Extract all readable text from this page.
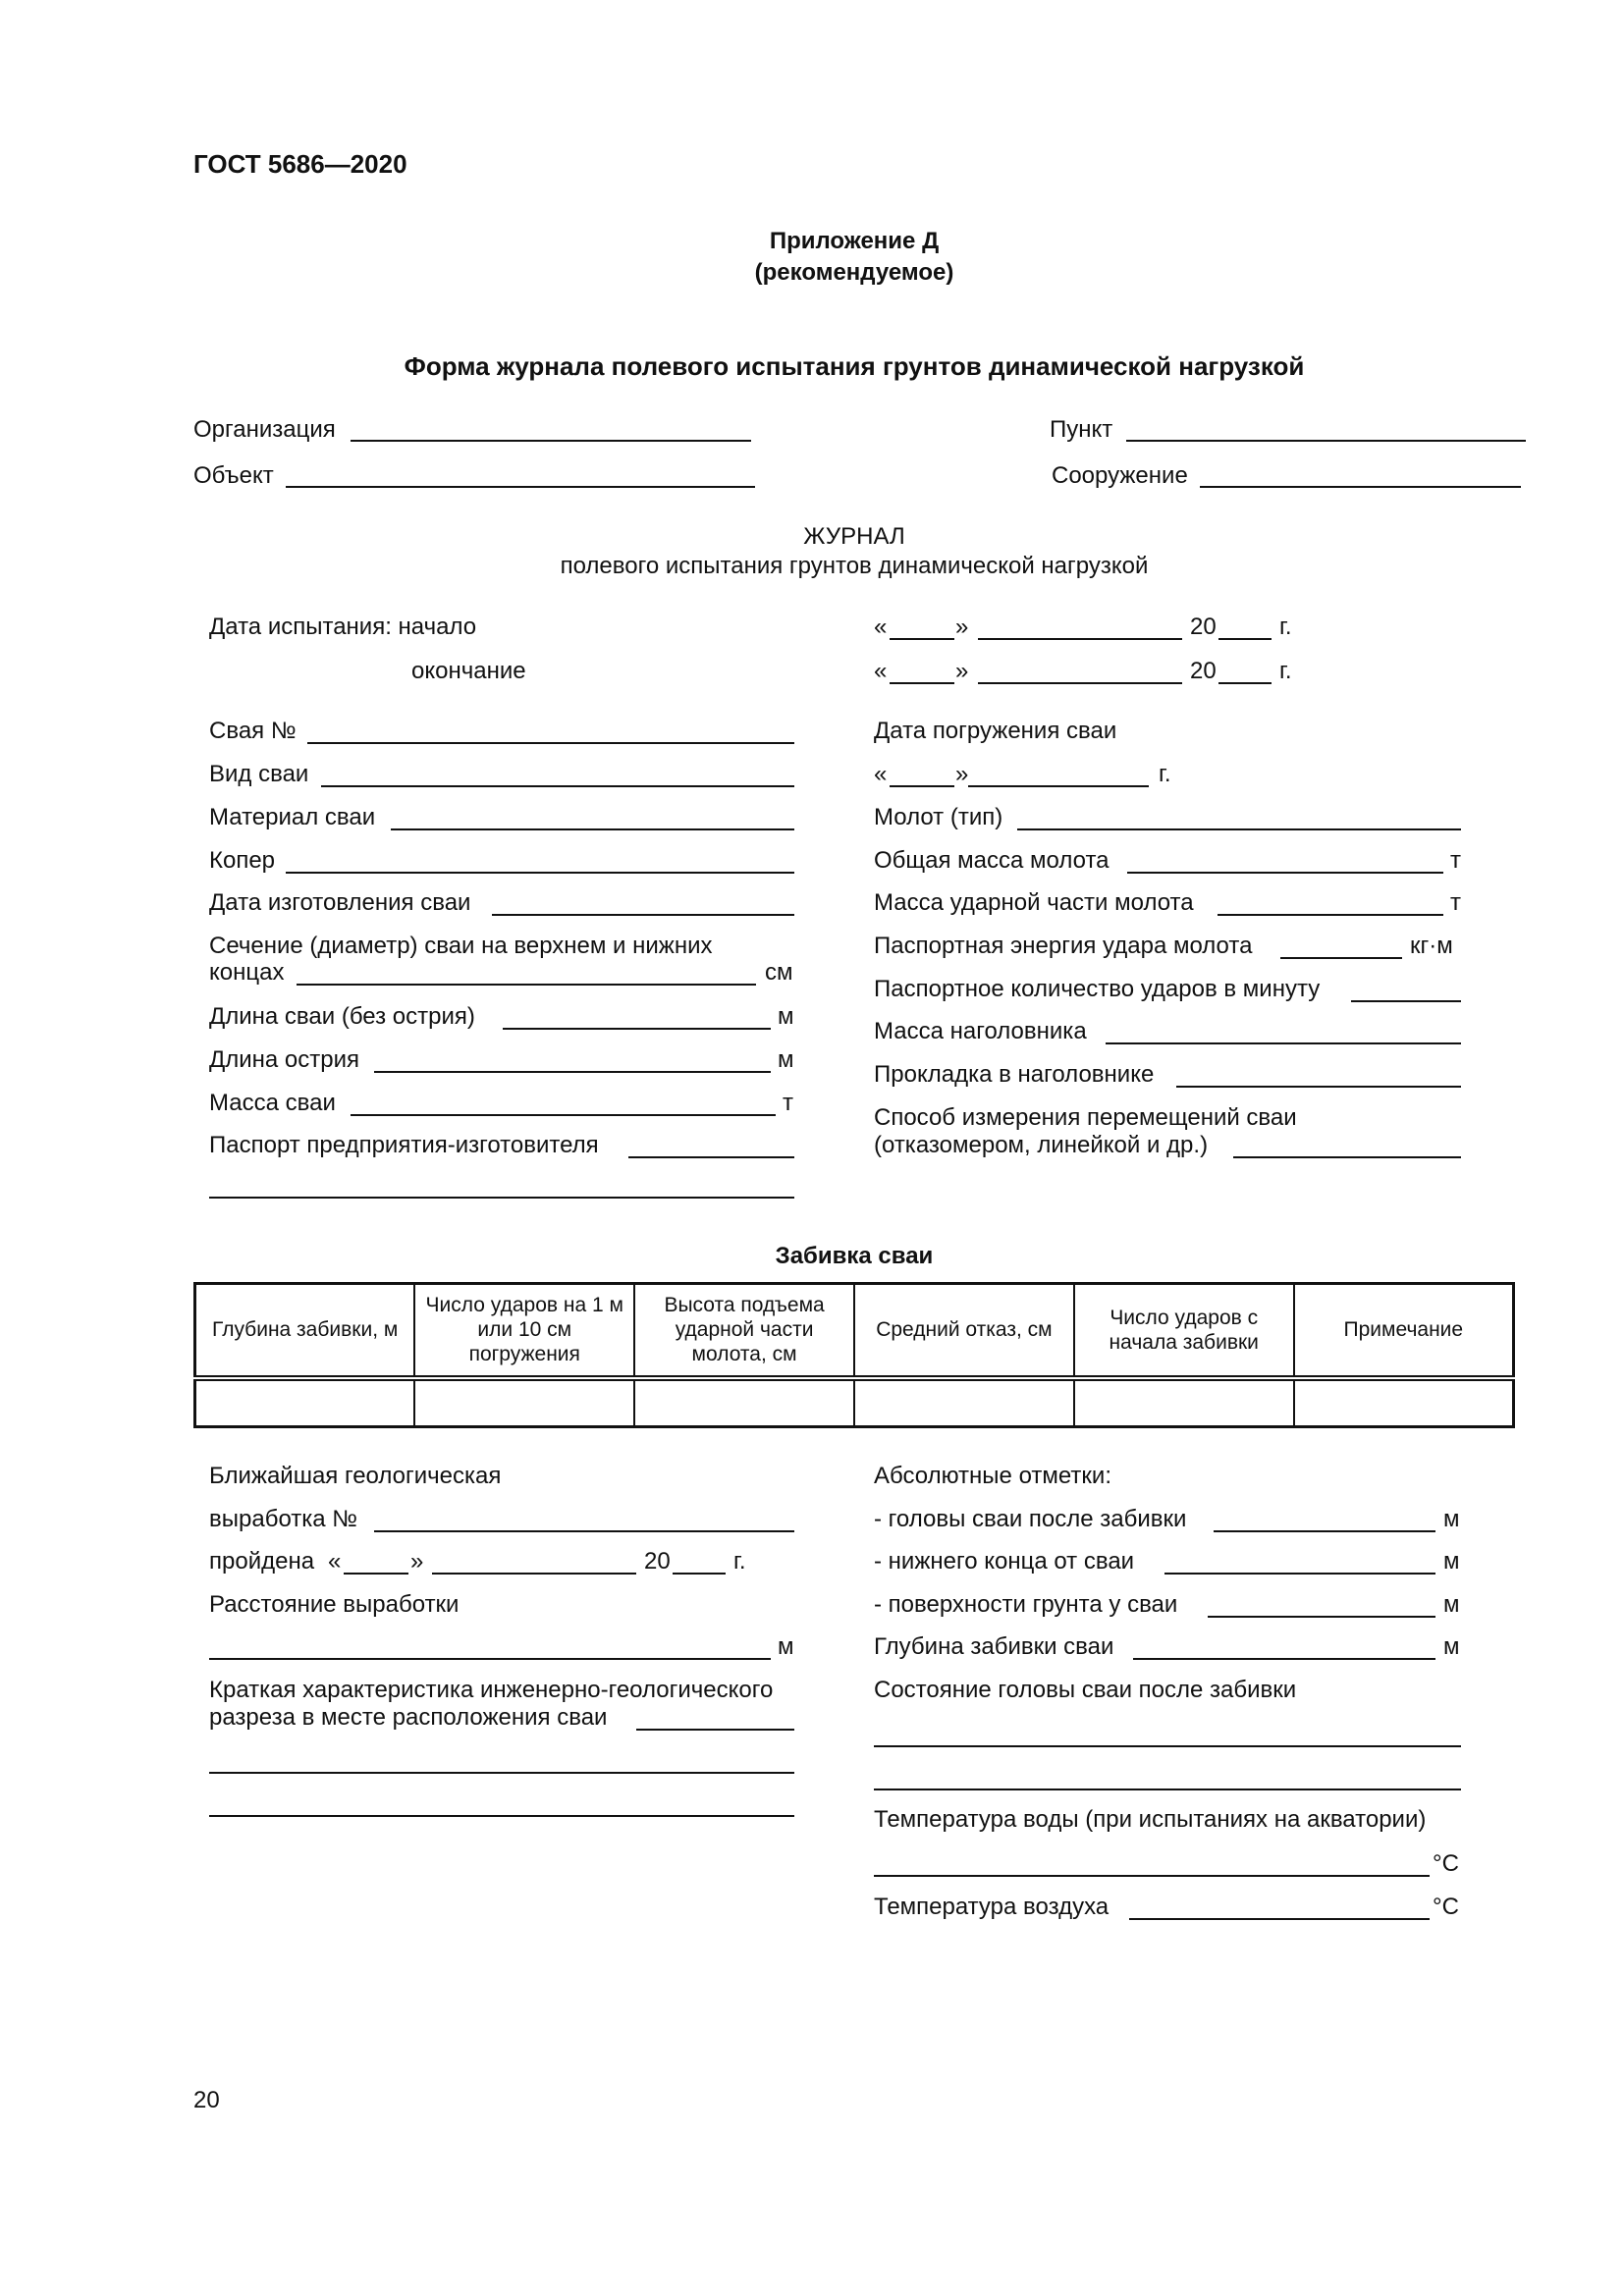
ГОСТ 5686—2020
Приложение Д
(рекомендуемое)
Форма журнала полевого испытания грунтов динамической нагрузкой
Организация	Пункт
Объект	Сооружение
ЖУРНАЛ
полевого испытания грунтов динамической нагрузкой
Дата испытания: начало
окончание
«	»	20	г.
«	»	20	г.
Свая №
Вид сваи
Материал сваи
Копер
Дата изготовления сваи
Сечение (диаметр) сваи на верхнем и нижних
концах	см
Длина сваи (без острия)	м
Длина острия	м
Масса сваи	т
Паспорт предприятия-изготовителя
Дата погружения сваи
«	»	г.
Молот (тип)
Общая масса молота	т
Масса ударной части молота	т
Паспортная энергия удара молота	кг·м
Паспортное количество ударов в минуту
Масса наголовника
Прокладка в наголовнике
Способ измерения перемещений сваи
(отказомером, линейкой и др.)
Забивка сваи
Глубина забивки, м	Число ударов на 1 м или 10 см погружения	Высота подъема ударной части молота, см	Средний отказ, см	Число ударов с начала забивки	Примечание

Ближайшая геологическая
выработка №
пройдена «	»	20	г.
Расстояние выработки
м
Краткая характеристика инженерно-геологического
разреза в месте расположения сваи
Абсолютные отметки:
- головы сваи после забивки	м
- нижнего конца от сваи	м
- поверхности грунта у сваи	м
Глубина забивки сваи	м
Состояние головы сваи после забивки
Температура воды (при испытаниях на акватории)
°С
Температура воздуха	°С
20
